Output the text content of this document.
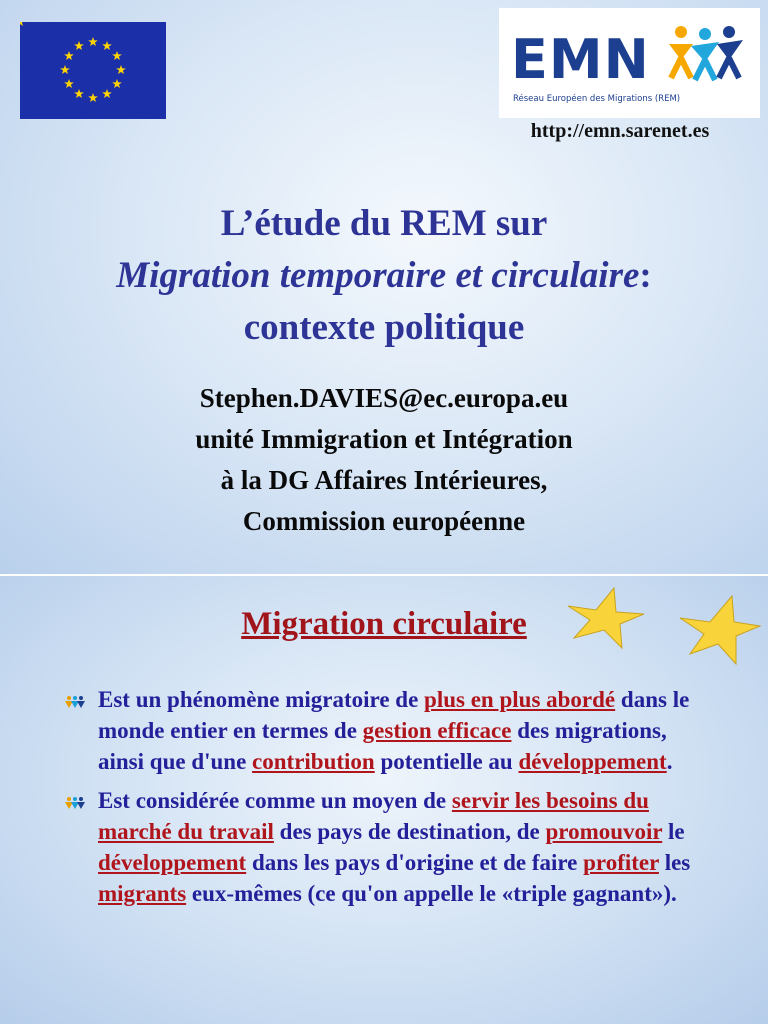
EMN
Réseau Européen des Migrations (REM)
http://emn.sarenet.es
L’étude du REM sur
Migration temporaire et circulaire:
contexte politique
Stephen.DAVIES@ec.europa.eu
unité Immigration et Intégration
à la DG Affaires Intérieures,
Commission européenne
Migration circulaire
Est un phénomène migratoire de plus en plus abordé dans le monde entier en termes de gestion efficace des migrations, ainsi que d'une contribution potentielle au développement.
Est considérée comme un moyen de servir les besoins du marché du travail des pays de destination, de promouvoir le développement dans les pays d'origine et de faire profiter les migrants eux-mêmes (ce qu'on appelle le «triple gagnant»).
